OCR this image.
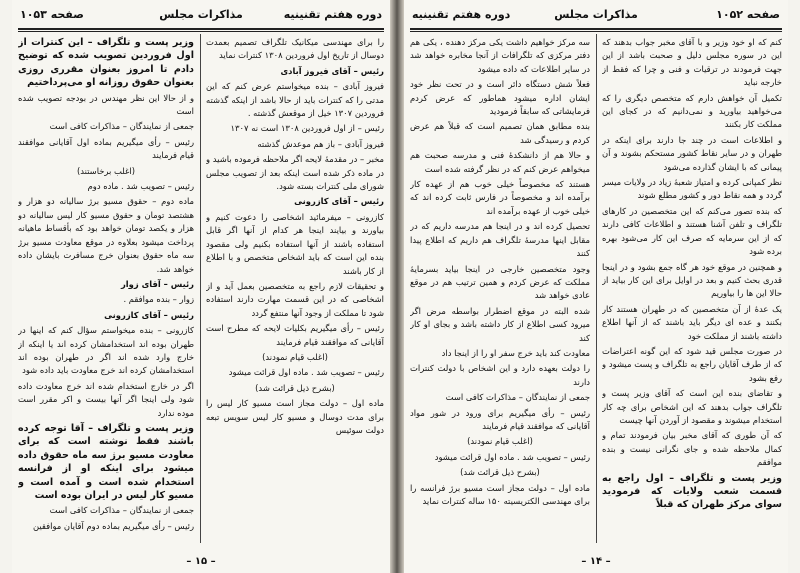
صفحه ۱۰۵۳	مذاکرات مجلس	دوره هفتم تقنینیه

را برای مهندسی میکانیک تلگراف تصمیم بعمدت دوسال از تاریخ اول فروردین ۱۳۰۸ کنترات نماید

رئیس – آقای فیروز آبادی

فیروز آبادی – بنده میخواستم عرض کنم که این مدتی را که کنترات باید از حالا باشد از اینکه گذشته فروردین ۱۳۰۷ خیل از موقعش گذشته .

رئیس – از اول فروردین ۱۳۰۸ است نه ۱۳۰۷

فیروز آبادی – باز هم موعدش گذشته

مخبر – در مقدمهٔ لایحه اگر ملاحظه فرموده باشید و در ماده ذکر شده است اینکه بعد از تصویب مجلس شورای ملی کنترات بسته شود.

رئیس – آقای کازرونی

کازرونی – میفرمائید اشخاصی را دعوت کنیم و بیاورند و بیایند اینجا هر کدام از آنها اگر قابل استفاده باشند از آنها استفاده بکنیم ولی مقصود بنده این است که باید اشخاص متخصص و با اطلاع از کار باشند

و تحقیقات لازم راجع به متخصصین بعمل آید و از اشخاصی که در این قسمت مهارت دارند استفاده شود تا مملکت از وجود آنها منتفع گردد

رئیس – رأی میگیریم بکلیات لایحه که مطرح است آقایانی که موافقند قیام فرمایند

(اغلب قیام نمودند)

رئیس – تصویب شد . ماده اول قرائت میشود

(بشرح ذیل قرائت شد)

ماده اول – دولت مجاز است مسیو کار لیس را برای مدت دوسال و مسیو کار لیس سویس تبعه دولت سوئیس

وزیر پست و تلگراف – این کنترات از اول فروردین تصویب شده که توضیح دادم تا امروز بعنوان مقرری روزی بعنوان حقوق روزانه او می‌پرداختیم

و از حالا این نظر مهندس در بودجه تصویب شده است

جمعی از نمایندگان – مذاکرات کافی است

رئیس – رأی میگیریم بماده اول آقایانی موافقند قیام فرمایند

(اغلب برخاستند)

رئیس – تصویب شد . ماده دوم

ماده دوم – حقوق مسیو برژ سالیانه دو هزار و هشتصد تومان و حقوق مسیو کار لیس سالیانه دو هزار و یکصد تومان خواهد بود که بأقساط ماهیانه پرداخت میشود بعلاوه در موقع معاودت مسیو برژ سه ماه حقوق بعنوان خرج مسافرت بایشان داده خواهد شد.

رئیس – آقای زوار

زوار – بنده موافقم .

رئیس – آقای کازرونی

کازرونی – بنده میخواستم سؤال کنم که اینها در طهران بوده اند استخدامشان کرده اند یا اینکه از خارج وارد شده اند اگر در طهران بوده اند استخدامشان کرده اند خرج معاودت باید داده شود

اگر در خارج استخدام شده اند خرج معاودت داده شود ولی اینجا اگر آنها بیست و اکر مقرر است موده ندارد

وزیر پست و تلگراف – آقا توجه کرده باشند فقط نوشته است که برای معاودت مسیو برژ سه ماه حقوق داده میشود برای اینکه او از فرانسه استخدام شده است و آمده است و مسیو کار لیس در ایران بوده است

جمعی از نمایندگان – مذاکرات کافی است

رئیس – رأی میگیریم بماده دوم آقایان موافقین

– ۱۵ –
دوره هفتم تقنینیه	مذاکرات مجلس	صفحه ۱۰۵۲

کنم که او خود وزیر و با آقای مخبر جواب بدهند که این در سوره مجلس دلیل و صحبت باشد از این جهت فرمودند در ترقیات و فنی و چرا که فقط از خارجه نباید

تکمیل آن خواهش دارم که متخصص دیگری را که می‌خواهید بیاورید و نمی‌دانیم که در کجای این مملکت کار بکنند

و اطلاعات است در چند جا دارند برای اینکه در طهران و در سایر نقاط کشور مستحکم بشوند و آن پیمانی که با ایشان گذارده می‌شود

نظر کمپانی کرده و امتیاز شعبهٔ زیاد در ولایات میسر گردد و همه نقاط دور و کشور مطلع شوند

که بنده تصور می‌کنم که این متخصصین در کارهای تلگراف و تلفن آشنا هستند و اطلاعات کافی دارند که از این سرمایه که صرف این کار می‌شود بهره برده شود

و همچنین در موقع خود هر گاه جمع بشود و در اینجا قدری بحث کنیم و بعد در اوایل برای این کار بیاید از حالا این ها را بیاوریم

یک عدهٔ از آن متخصصین که در طهران هستند کار بکنند و عده ای دیگر باید باشند که از آنها اطلاع داشته باشند از مملکت خود

در صورت مجلس قید شود که این گونه اعتراضات که از طرف آقایان راجع به تلگراف و پست میشود و رفع بشود

و تقاضای بنده این است که آقای وزیر پست و تلگراف جواب بدهند که این اشخاص برای چه کار استخدام میشوند و مقصود از آوردن آنها چیست

که آن طوری که آقای مخبر بیان فرمودند تمام و کمال ملاحظه شده و جای نگرانی نیست و بنده موافقم

وزیر پست و تلگراف – اول راجع به قسمت شعب ولایات که فرمودید سوای مرکز طهران که قبلاً

سه مرکز خواهیم داشت یکی مرکز دهنده ، یکی هم دفتر مرکزی که تلگرافات از آنجا مخابره خواهد شد در سایر اطلاعات که داده میشود

فعلاً شش دستگاه دائر است و در تحت نظر خود ایشان اداره میشود هماطور که عرض کردم فرمایشاتی که سابقاً فرمودید

بنده مطابق همان تصمیم است که قبلاً هم عرض کردم و رسیدگی شد

و حالا هم از دانشکدهٔ فنی و مدرسه صحبت هم میخواهم عرض کنم که در نظر گرفته شده است

هستند که مخصوصاً خیلی خوب هم از عهده کار برآمده اند و مخصوصاً در فارس ثابت کرده اند که خیلی خوب از عهده برآمده اند

تحصیل کرده اند و در اینجا هم مدرسه داریم که در مقابل اینها مدرسهٔ تلگراف هم داریم که اطلاع پیدا کنند

وجود متخصصین خارجی در اینجا بیاید بسرمایهٔ مملکت که عرض کردم و همین ترتیب هم در موقع عادی خواهد شد

شده البته در موقع اضطرار بواسطه مرض اگر میرود کسی اطلاع از کار داشته باشد و بجای او کار کند

معاودت کند باید خرج سفر او را از اینجا داد

را دولت بعهده دارد و این اشخاص با دولت کنترات دارند

جمعی از نمایندگان – مذاکرات کافی است

رئیس – رأی میگیریم برای ورود در شور مواد آقایانی که موافقند قیام فرمایند

(اغلب قیام نمودند)

رئیس – تصویب شد . ماده اول قرائت میشود

(بشرح ذیل قرائت شد)

ماده اول – دولت مجاز است مسیو برژ فرانسه را برای مهندسی الکتریسیته ۱۵۰ ساله کنترات نماید

– ۱۴ –
